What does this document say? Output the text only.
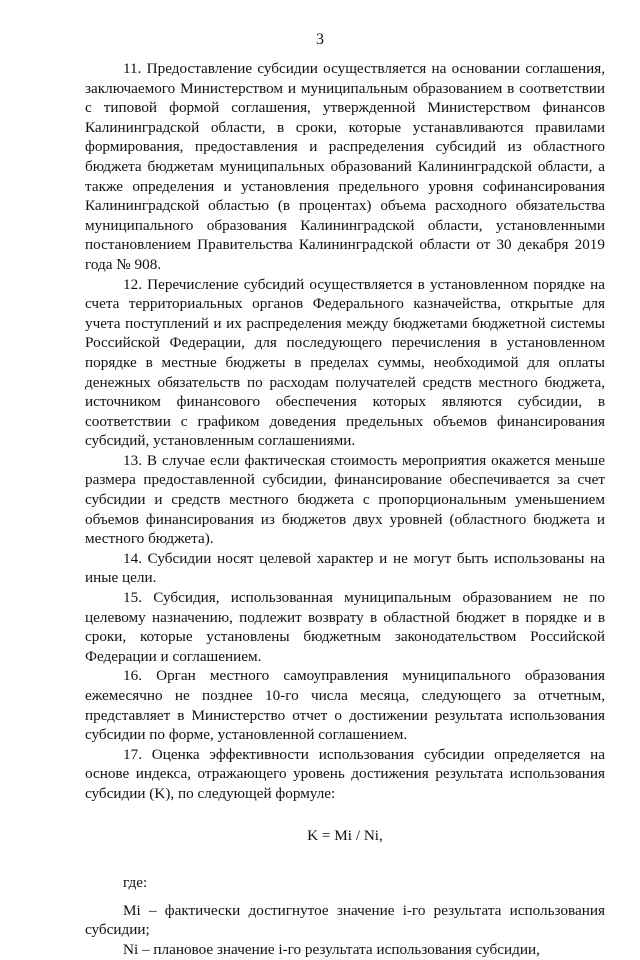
3

11. Предоставление субсидии осуществляется на основании соглашения, заключаемого Министерством и муниципальным образованием в соответствии с типовой формой соглашения, утвержденной Министерством финансов Калининградской области, в сроки, которые устанавливаются правилами формирования, предоставления и распределения субсидий из областного бюджета бюджетам муниципальных образований Калининградской области, а также определения и установления предельного уровня софинансирования Калининградской областью (в процентах) объема расходного обязательства муниципального образования Калининградской области, установленными постановлением Правительства Калининградской области от 30 декабря 2019 года № 908.

12. Перечисление субсидий осуществляется в установленном порядке на счета территориальных органов Федерального казначейства, открытые для учета поступлений и их распределения между бюджетами бюджетной системы Российской Федерации, для последующего перечисления в установленном порядке в местные бюджеты в пределах суммы, необходимой для оплаты денежных обязательств по расходам получателей средств местного бюджета, источником финансового обеспечения которых являются субсидии, в соответствии с графиком доведения предельных объемов финансирования субсидий, установленным соглашениями.

13. В случае если фактическая стоимость мероприятия окажется меньше размера предоставленной субсидии, финансирование обеспечивается за счет субсидии и средств местного бюджета с пропорциональным уменьшением объемов финансирования из бюджетов двух уровней (областного бюджета и местного бюджета).

14. Субсидии носят целевой характер и не могут быть использованы на иные цели.

15. Субсидия, использованная муниципальным образованием не по целевому назначению, подлежит возврату в областной бюджет в порядке и в сроки, которые установлены бюджетным законодательством Российской Федерации и соглашением.

16. Орган местного самоуправления муниципального образования ежемесячно не позднее 10-го числа месяца, следующего за отчетным, представляет в Министерство отчет о достижении результата использования субсидии по форме, установленной соглашением.

17. Оценка эффективности использования субсидии определяется на основе индекса, отражающего уровень достижения результата использования субсидии (K), по следующей формуле:

K = Mi / Ni,

где:

Mi – фактически достигнутое значение i-го результата использования субсидии;

Ni – плановое значение i-го результата использования субсидии,
